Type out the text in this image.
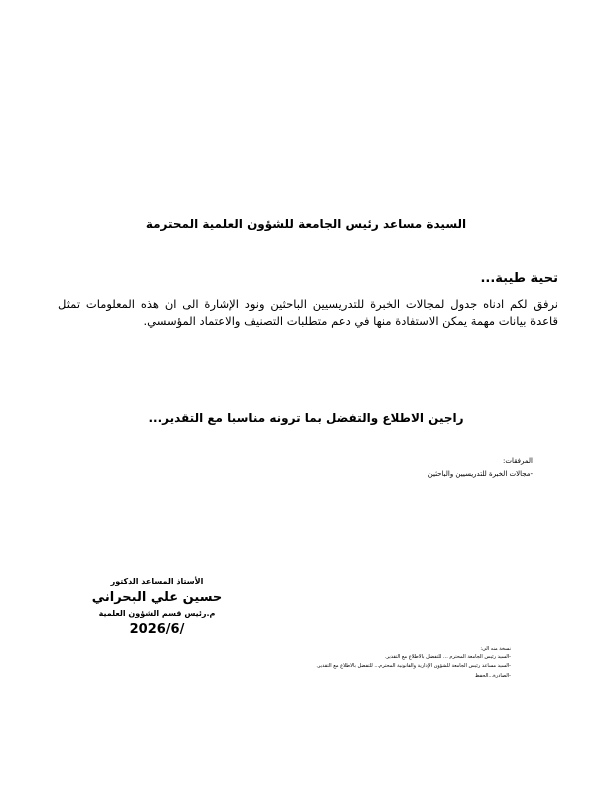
السيدة مساعد رئيس الجامعة للشؤون العلمية المحترمة
تحية طيبة...
نرفق لكم ادناه جدول لمجالات الخبرة للتدريسيين الباحثين ونود الإشارة الى ان هذه المعلومات تمثل قاعدة بيانات مهمة يمكن الاستفادة منها في دعم متطلبات التصنيف والاعتماد المؤسسي.
راجين الاطلاع والتفضل بما ترونه مناسبا مع التقدير...
المرفقات:
-مجالات الخبرة للتدريسيين والباحثين
الأستاذ المساعد الدكتور
حسين علي البحراني
م.رئيس قسم الشؤون العلمية
2026/6/
نسخة منه الى:
-السيد رئيس الجامعة المحترم ... للتفضل بالاطلاع مع التقدير.
-السيد مساعد رئيس الجامعة للشؤون الإدارية والقانونية المحترم... للتفضل بالاطلاع مع التقدير.
-الصادرة...الحفظ
